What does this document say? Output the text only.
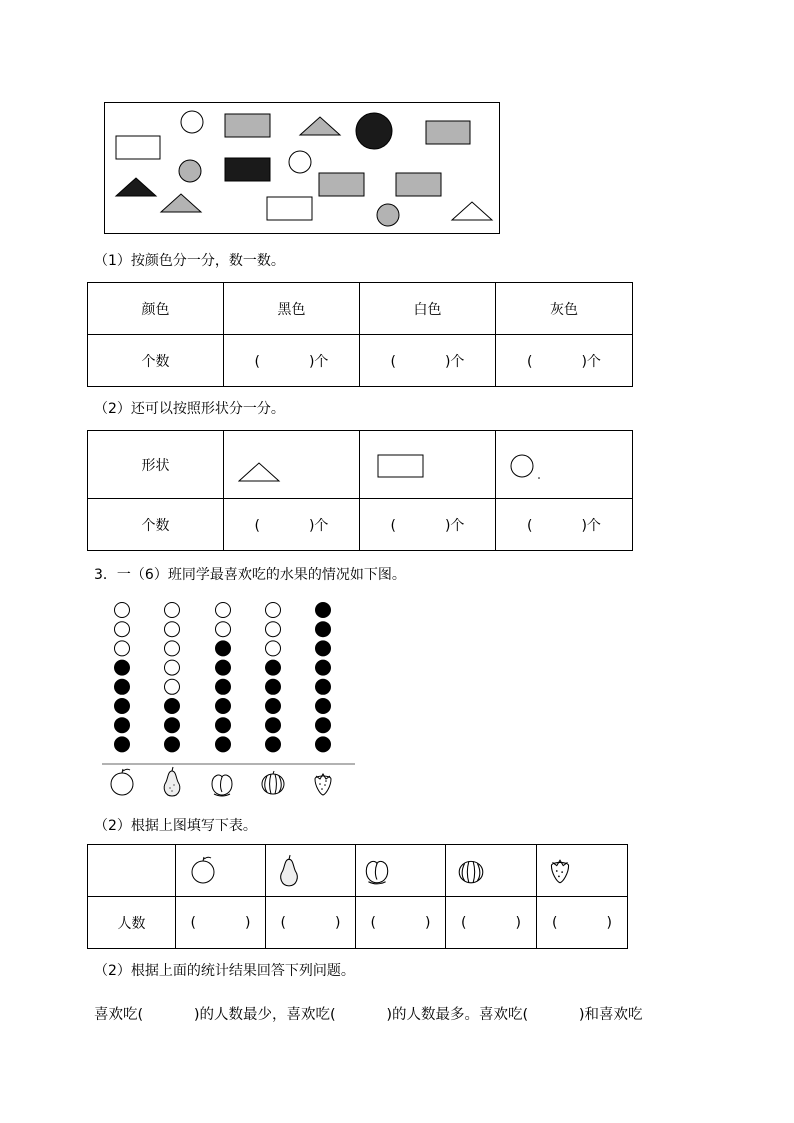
（1）按颜色分一分，数一数。
颜色	黑色	白色	灰色
个数	(           )个	(           )个	(           )个
（2）还可以按照形状分一分。
形状	

个数	(           )个	(           )个	(           )个
3．一（6）班同学最喜欢吃的水果的情况如下图。
（2）根据上图填写下表。

人数	(           )	(           )	(           )	(           )	(           )
（2）根据上面的统计结果回答下列问题。
喜欢吃(           )的人数最少，喜欢吃(           )的人数最多。喜欢吃(           )和喜欢吃
